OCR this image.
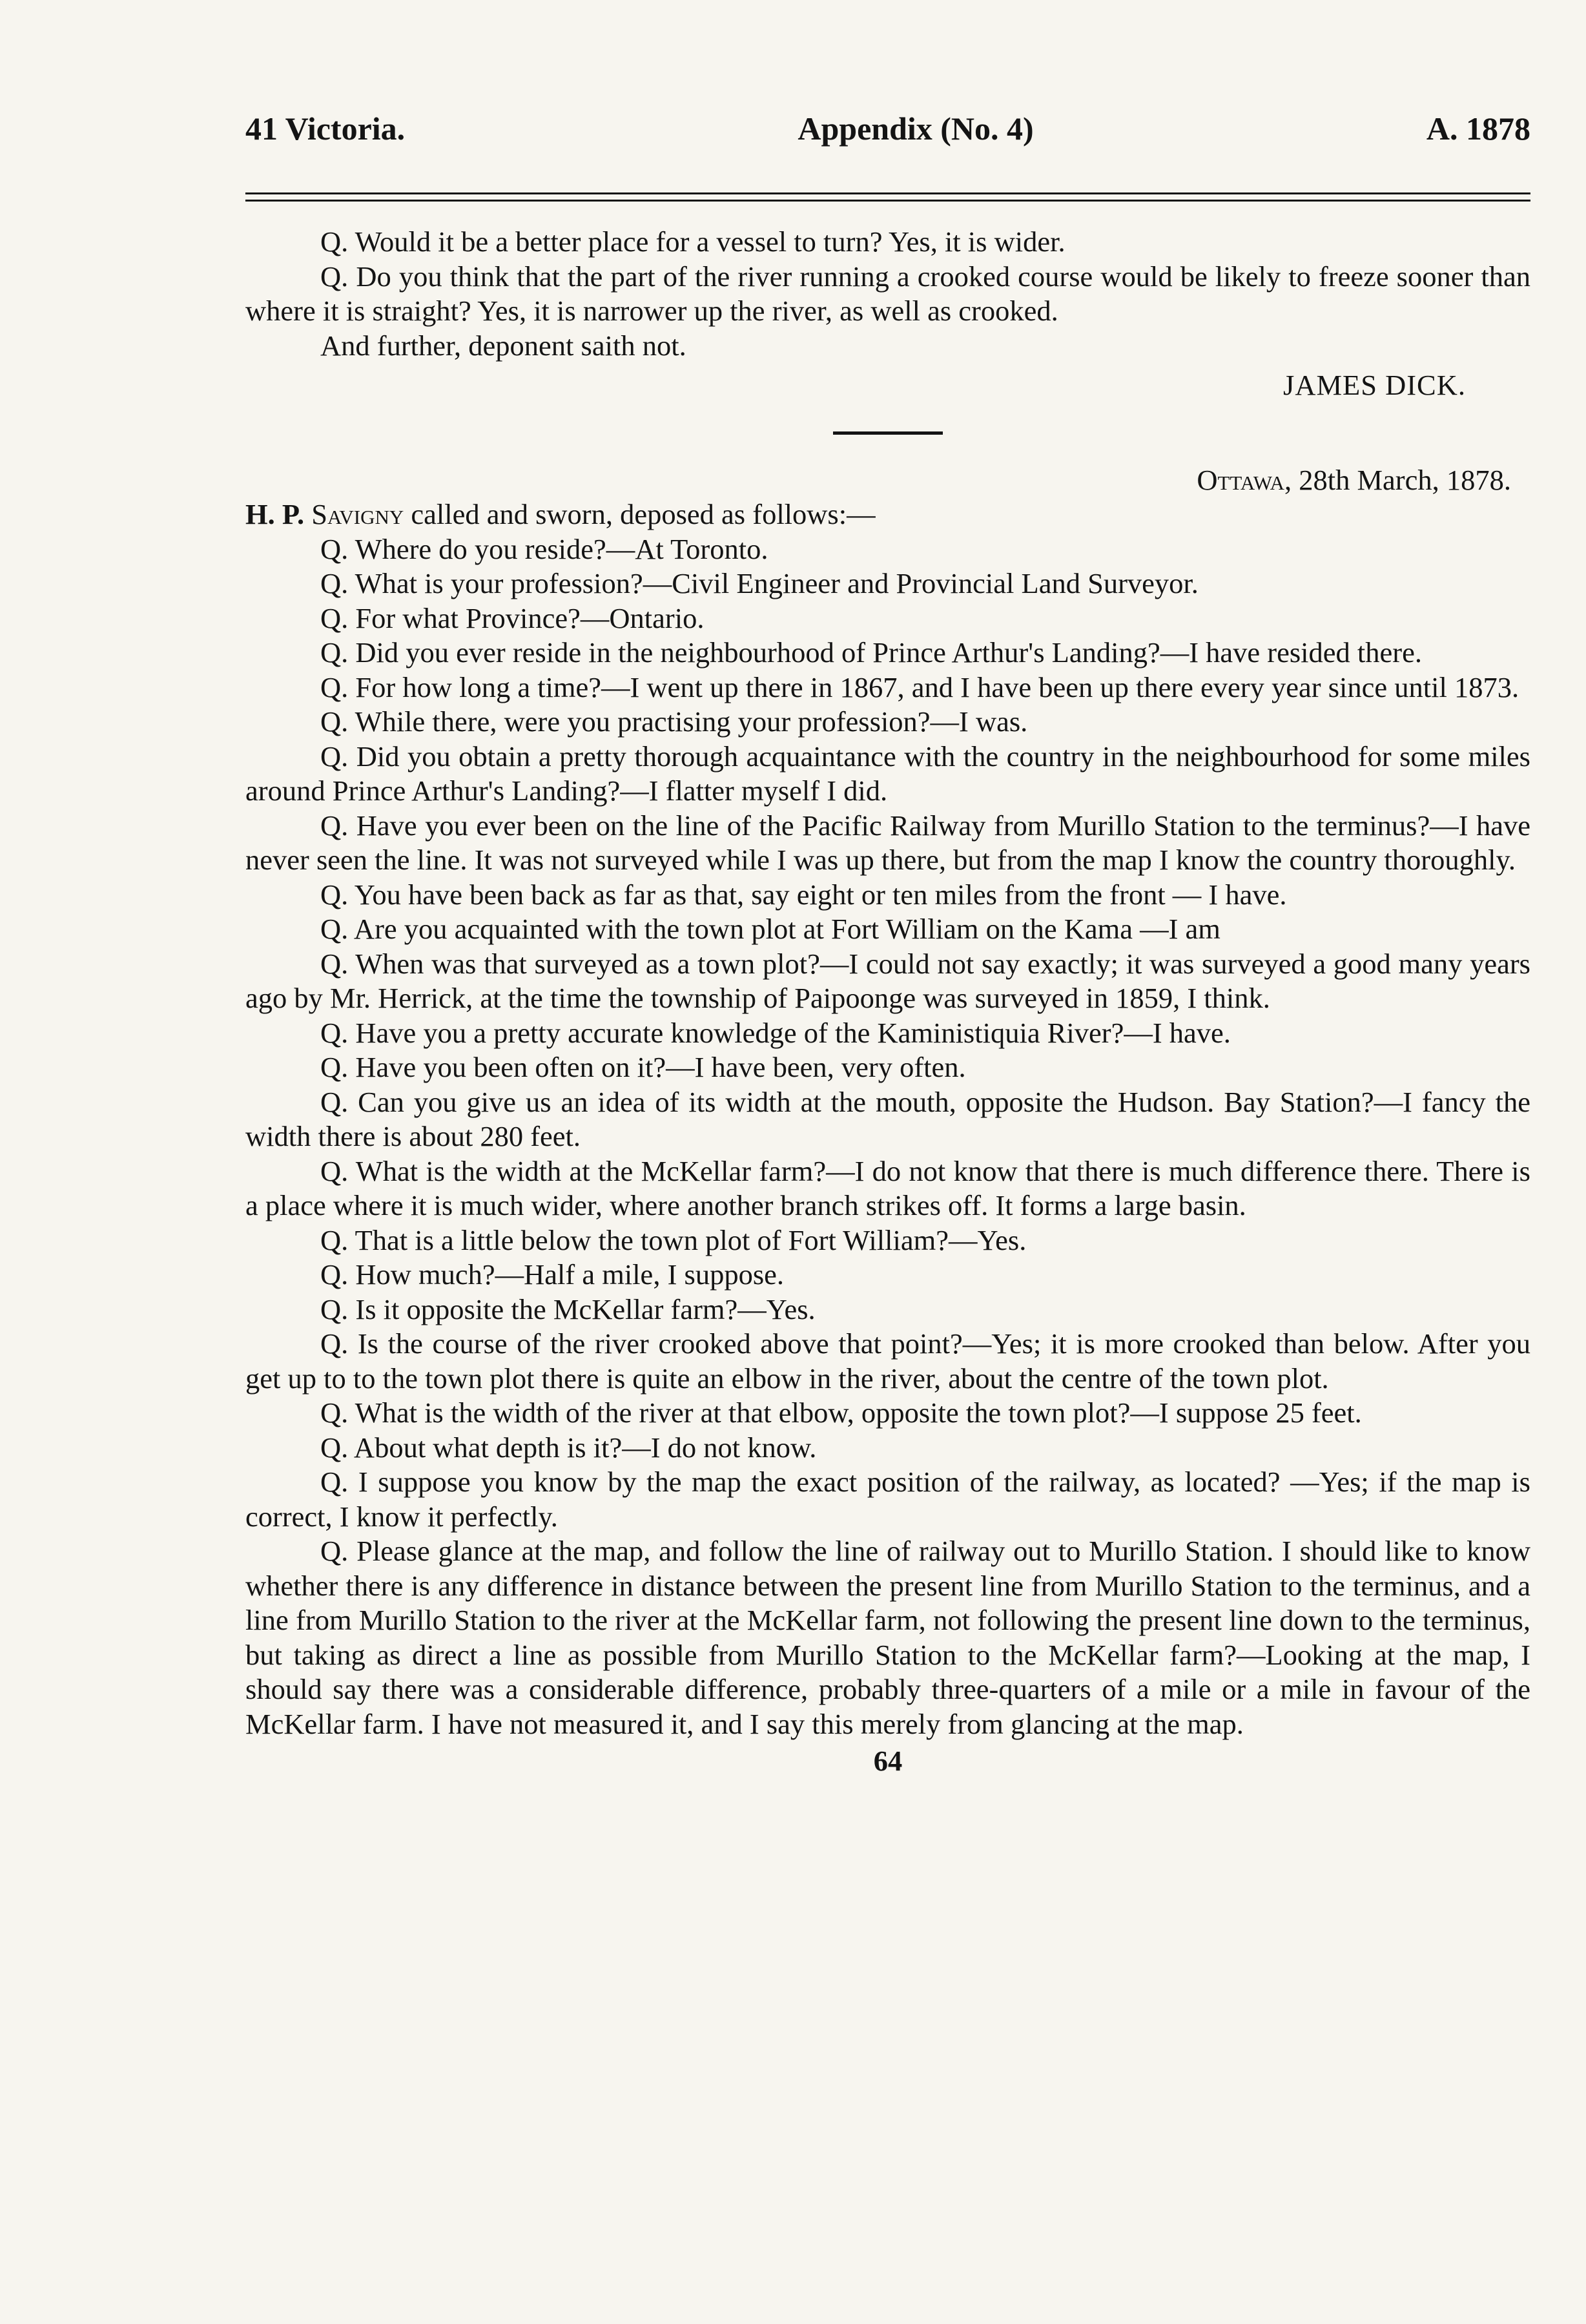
41 Victoria.	Appendix (No. 4)	A. 1878

Q. Would it be a better place for a vessel to turn? Yes, it is wider.

Q. Do you think that the part of the river running a crooked course would be likely to freeze sooner than where it is straight? Yes, it is narrower up the river, as well as crooked.

And further, deponent saith not.

JAMES DICK.
Ottawa, 28th March, 1878.

H. P. Savigny called and sworn, deposed as follows:—

Q. Where do you reside?—At Toronto.

Q. What is your profession?—Civil Engineer and Provincial Land Surveyor.

Q. For what Province?—Ontario.

Q. Did you ever reside in the neighbourhood of Prince Arthur's Landing?—I have resided there.

Q. For how long a time?—I went up there in 1867, and I have been up there every year since until 1873.

Q. While there, were you practising your profession?—I was.

Q. Did you obtain a pretty thorough acquaintance with the country in the neighbourhood for some miles around Prince Arthur's Landing?—I flatter myself I did.

Q. Have you ever been on the line of the Pacific Railway from Murillo Station to the terminus?—I have never seen the line. It was not surveyed while I was up there, but from the map I know the country thoroughly.

Q. You have been back as far as that, say eight or ten miles from the front — I have.

Q. Are you acquainted with the town plot at Fort William on the Kama —I am

Q. When was that surveyed as a town plot?—I could not say exactly; it was surveyed a good many years ago by Mr. Herrick, at the time the township of Paipoonge was surveyed in 1859, I think.

Q. Have you a pretty accurate knowledge of the Kaministiquia River?—I have.

Q. Have you been often on it?—I have been, very often.

Q. Can you give us an idea of its width at the mouth, opposite the Hudson. Bay Station?—I fancy the width there is about 280 feet.

Q. What is the width at the McKellar farm?—I do not know that there is much difference there. There is a place where it is much wider, where another branch strikes off. It forms a large basin.

Q. That is a little below the town plot of Fort William?—Yes.

Q. How much?—Half a mile, I suppose.

Q. Is it opposite the McKellar farm?—Yes.

Q. Is the course of the river crooked above that point?—Yes; it is more crooked than below. After you get up to to the town plot there is quite an elbow in the river, about the centre of the town plot.

Q. What is the width of the river at that elbow, opposite the town plot?—I suppose 25 feet.

Q. About what depth is it?—I do not know.

Q. I suppose you know by the map the exact position of the railway, as located? —Yes; if the map is correct, I know it perfectly.

Q. Please glance at the map, and follow the line of railway out to Murillo Station. I should like to know whether there is any difference in distance between the present line from Murillo Station to the terminus, and a line from Murillo Station to the river at the McKellar farm, not following the present line down to the terminus, but taking as direct a line as possible from Murillo Station to the McKellar farm?—Looking at the map, I should say there was a considerable difference, probably three-quarters of a mile or a mile in favour of the McKellar farm. I have not measured it, and I say this merely from glancing at the map.

64
